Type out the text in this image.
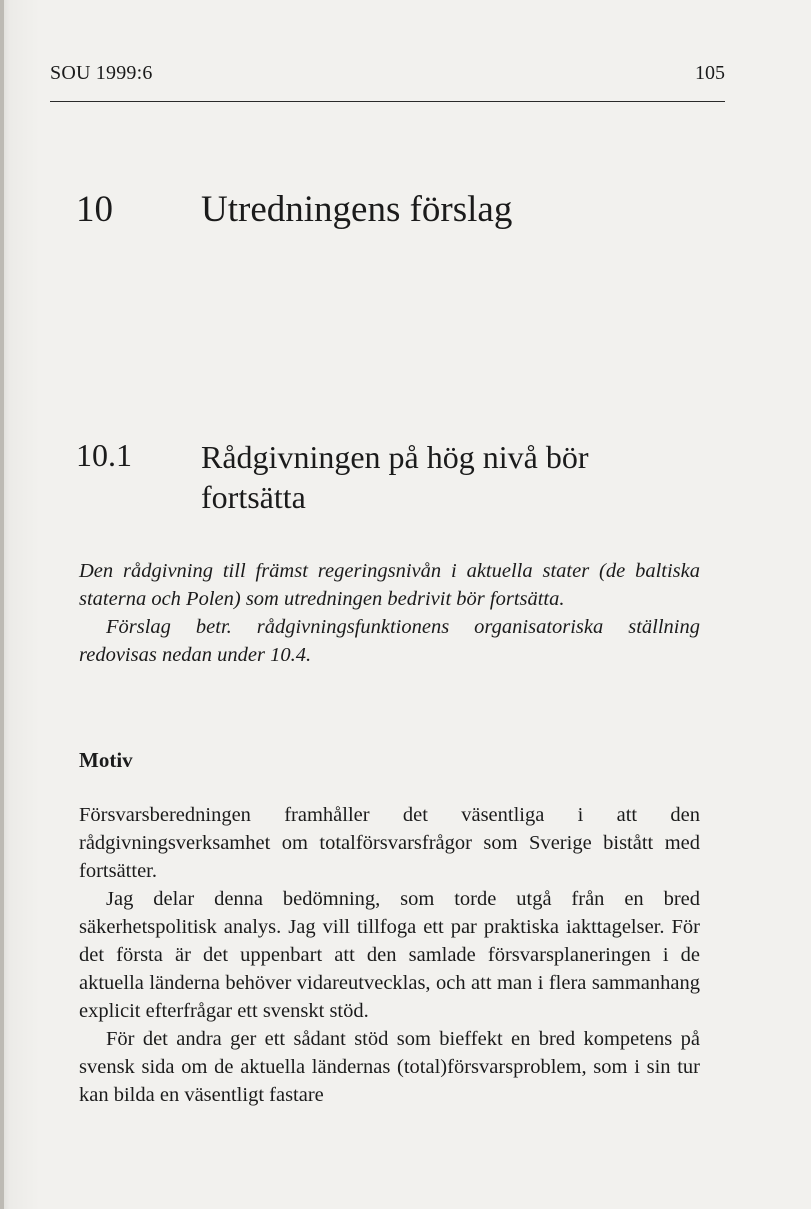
SOU 1999:6	105
10 Utredningens förslag
10.1 Rådgivningen på hög nivå bör fortsätta

Den rådgivning till främst regeringsnivån i aktuella stater (de baltiska staterna och Polen) som utredningen bedrivit bör fortsätta.

Förslag betr. rådgivningsfunktionens organisatoriska ställning redovisas nedan under 10.4.

Motiv

Försvarsberedningen framhåller det väsentliga i att den rådgivningsverksamhet om totalförsvarsfrågor som Sverige bistått med fortsätter.

Jag delar denna bedömning, som torde utgå från en bred säkerhetspolitisk analys. Jag vill tillfoga ett par praktiska iakttagelser. För det första är det uppenbart att den samlade försvarsplaneringen i de aktuella länderna behöver vidareutvecklas, och att man i flera sammanhang explicit efterfrågar ett svenskt stöd.

För det andra ger ett sådant stöd som bieffekt en bred kompetens på svensk sida om de aktuella ländernas (total)försvarsproblem, som i sin tur kan bilda en väsentligt fastare
